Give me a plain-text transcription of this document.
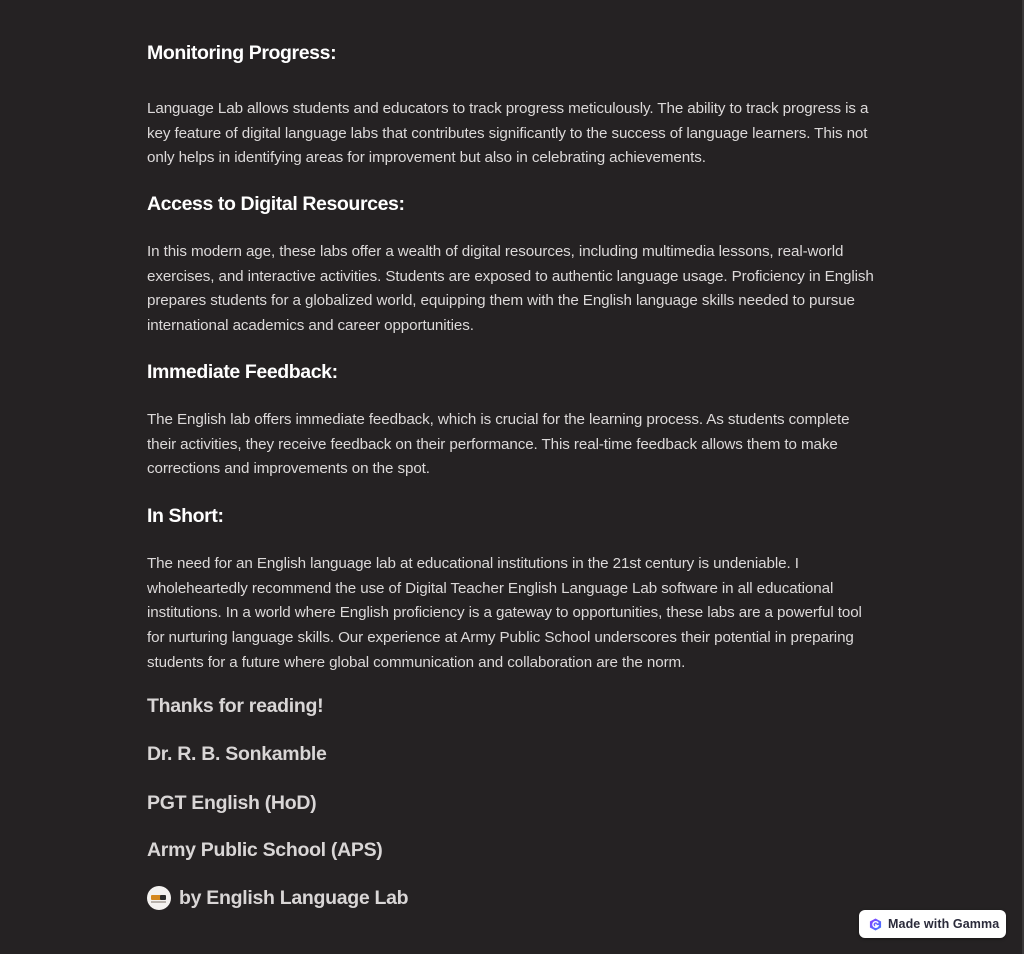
Monitoring Progress:

Language Lab allows students and educators to track progress meticulously. The ability to track progress is a key feature of digital language labs that contributes significantly to the success of language learners. This not only helps in identifying areas for improvement but also in celebrating achievements.

Access to Digital Resources:

In this modern age, these labs offer a wealth of digital resources, including multimedia lessons, real-world exercises, and interactive activities. Students are exposed to authentic language usage. Proficiency in English prepares students for a globalized world, equipping them with the English language skills needed to pursue international academics and career opportunities.

Immediate Feedback:

The English lab offers immediate feedback, which is crucial for the learning process. As students complete their activities, they receive feedback on their performance. This real-time feedback allows them to make corrections and improvements on the spot.

In Short:

The need for an English language lab at educational institutions in the 21st century is undeniable. I wholeheartedly recommend the use of Digital Teacher English Language Lab software in all educational institutions. In a world where English proficiency is a gateway to opportunities, these labs are a powerful tool for nurturing language skills. Our experience at Army Public School underscores their potential in preparing students for a future where global communication and collaboration are the norm.

Thanks for reading!

Dr. R. B. Sonkamble

PGT English (HoD)

Army Public School (APS)

by English Language Lab
Made with Gamma
